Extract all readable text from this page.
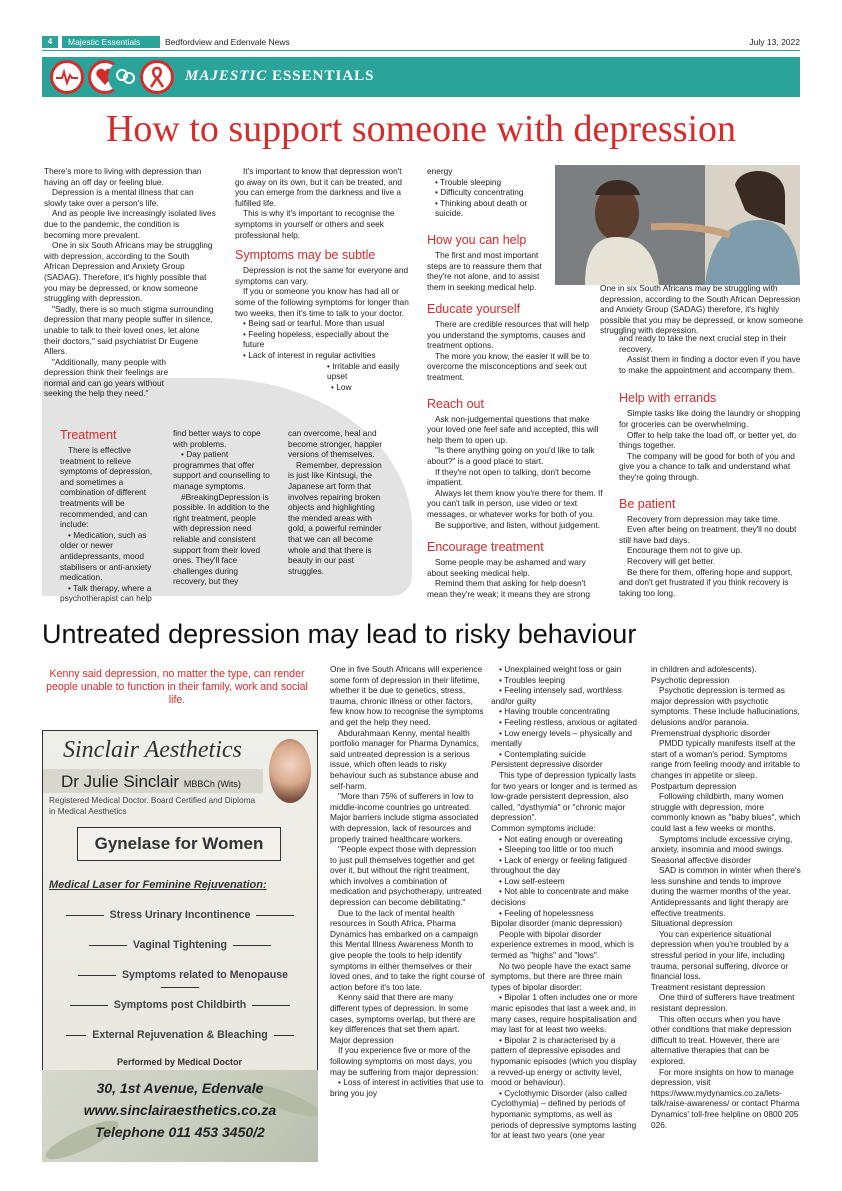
4	Majestic Essentials	Bedfordview and Edenvale News	July 13, 2022
MAJESTIC ESSENTIALS
How to support someone with depression

There's more to living with depression than having an off day or feeling blue.

Depression is a mental illness that can slowly take over a person's life.

And as people live increasingly isolated lives due to the pandemic, the condition is becoming more prevalent.

One in six South Africans may be struggling with depression, according to the South African Depression and Anxiety Group (SADAG). Therefore, it's highly possible that you may be depressed, or know someone struggling with depression.

"Sadly, there is so much stigma surrounding depression that many people suffer in silence, unable to talk to their loved ones, let alone their doctors," said psychiatrist Dr Eugene Allers.

"Additionally, many people with depression think their feelings are normal and can go years without seeking the help they need."

It's important to know that depression won't go away on its own, but it can be treated, and you can emerge from the darkness and live a fulfilled life.

This is why it's important to recognise the symptoms in yourself or others and seek professional help.

Symptoms may be subtle

Depression is not the same for everyone and symptoms can vary.

If you or someone you know has had all or some of the following symptoms for longer than two weeks, then it's time to talk to your doctor.

• Being sad or tearful. More than usual

• Feeling hopeless, especially about the future

• Lack of interest in regular activities

• Irritable and easily upset

• Low

Treatment

There is effective treatment to relieve symptoms of depression, and sometimes a combination of different treatments will be recommended, and can include:

• Medication, such as older or newer antidepressants, mood stabilisers or anti-anxiety medication.

• Talk therapy, where a psychotherapist can help

find better ways to cope with problems.

• Day patient programmes that offer support and counselling to manage symptoms.

#BreakingDepression is possible. In addition to the right treatment, people with depression need reliable and consistent support from their loved ones. They'll face challenges during recovery, but they

can overcome, heal and become stronger, happier versions of themselves.

Remember, depression is just like Kintsugi, the Japanese art form that involves repairing broken objects and highlighting the mended areas with gold, a powerful reminder that we can all become whole and that there is beauty in our past struggles.

energy

• Trouble sleeping

• Difficulty concentrating

• Thinking about death or suicide.

How you can help

The first and most important steps are to reassure them that they're not alone, and to assist them in seeking medical help.

Educate yourself

There are credible resources that will help you understand the symptoms, causes and treatment options.

The more you know, the easier it will be to overcome the misconceptions and seek out treatment.

Reach out

Ask non-judgemental questions that make your loved one feel safe and accepted, this will help them to open up.

"Is there anything going on you'd like to talk about?" is a good place to start.

If they're not open to talking, don't become impatient.

Always let them know you're there for them. If you can't talk in person, use video or text messages, or whatever works for both of you.

Be supportive, and listen, without judgement.

Encourage treatment

Some people may be ashamed and wary about seeking medical help.

Remind them that asking for help doesn't mean they're weak; it means they are strong

One in six South Africans may be struggling with depression, according to the South African Depression and Anxiety Group (SADAG) therefore, it's highly possible that you may be depressed, or know someone struggling with depression.

and ready to take the next crucial step in their recovery.

Assist them in finding a doctor even if you have to make the appointment and accompany them.

Help with errands

Simple tasks like doing the laundry or shopping for groceries can be overwhelming.

Offer to help take the load off, or better yet, do things together.

The company will be good for both of you and give you a chance to talk and understand what they're going through.

Be patient

Recovery from depression may take time.

Even after being on treatment, they'll no doubt still have bad days.

Encourage them not to give up.

Recovery will get better.

Be there for them, offering hope and support, and don't get frustrated if you think recovery is taking too long.

Untreated depression may lead to risky behaviour
Kenny said depression, no matter the type, can render people unable to function in their family, work and social life.

One in five South Africans will experience some form of depression in their lifetime, whether it be due to genetics, stress, trauma, chronic illness or other factors, few know how to recognise the symptoms and get the help they need.

Abdurahmaan Kenny, mental health portfolio manager for Pharma Dynamics, said untreated depression is a serious issue, which often leads to risky behaviour such as substance abuse and self-harm.

"More than 75% of sufferers in low to middle-income countries go untreated. Major barriers include stigma associated with depression, lack of resources and properly trained healthcare workers.

"People expect those with depression to just pull themselves together and get over it, but without the right treatment, which involves a combination of medication and psychotherapy, untreated depression can become debilitating."

Due to the lack of mental health resources in South Africa, Pharma Dynamics has embarked on a campaign this Mental Illness Awareness Month to give people the tools to help identify symptoms in either themselves or their loved ones, and to take the right course of action before it's too late.

Kenny said that there are many different types of depression. In some cases, symptoms overlap, but there are key differences that set them apart.

Major depression

If you experience five or more of the following symptoms on most days, you may be suffering from major depression:

• Loss of interest in activities that use to bring you joy

• Unexplained weight loss or gain

• Troubles leeping

• Feeling intensely sad, worthless and/or guilty

• Having trouble concentrating

• Feeling restless, anxious or agitated

• Low energy levels – physically and mentally

• Contemplating suicide

Persistent depressive disorder

This type of depression typically lasts for two years or longer and is termed as low-grade persistent depression, also called, "dysthymia" or "chronic major depression".

Common symptoms include:

• Not eating enough or overeating

• Sleeping too little or too much

• Lack of energy or feeling fatigued throughout the day

• Low self-esteem

• Not able to concentrate and make decisions

• Feeling of hopelessness

Bipolar disorder (manic depression)

People with bipolar disorder experience extremes in mood, which is termed as "highs" and "lows".

No two people have the exact same symptoms, but there are three main types of bipolar disorder:

• Bipolar 1 often includes one or more manic episodes that last a week and, in many cases, require hospitalisation and may last for at least two weeks.

• Bipolar 2 is characterised by a pattern of depressive episodes and hypomanic episodes (which you display a revved-up energy or activity level, mood or behaviour).

• Cyclothymic Disorder (also called Cyclothymia) – defined by periods of hypomanic symptoms, as well as periods of depressive symptoms lasting for at least two years (one year

in children and adolescents).

Psychotic depression

Psychotic depression is termed as major depression with psychotic symptoms. These include hallucinations, delusions and/or paranoia.

Premenstrual dysphoric disorder

PMDD typically manifests itself at the start of a woman's period. Symptoms range from feeling moody and irritable to changes in appetite or sleep.

Postpartum depression

Following childbirth, many women struggle with depression, more commonly known as "baby blues", which could last a few weeks or months.

Symptoms include excessive crying, anxiety, insomnia and mood swings.

Seasonal affective disorder

SAD is common in winter when there's less sunshine and tends to improve during the warmer months of the year. Antidepressants and light therapy are effective treatments.

Situational depression

You can experience situational depression when you're troubled by a stressful period in your life, including trauma, personal suffering, divorce or financial loss.

Treatment resistant depression

One third of sufferers have treatment resistant depression.

This often occurs when you have other conditions that make depression difficult to treat. However, there are alternative therapies that can be explored.

For more insights on how to manage depression, visit https://www.mydynamics.co.za/lets-talk/raise-awareness/ or contact Pharma Dynamics' toll-free helpline on 0800 205 026.

Sinclair Aesthetics
Dr Julie Sinclair MBBCh (Wits)
Registered Medical Doctor. Board Certified and Diploma in Medical Aesthetics
Gynelase for Women
Medical Laser for Feminine Rejuvenation:
Stress Urinary Incontinence
Vaginal Tightening
Symptoms related to Menopause
Symptoms post Childbirth
External Rejuvenation & Bleaching
Performed by Medical Doctor
30, 1st Avenue, Edenvale
www.sinclairaesthetics.co.za
Telephone 011 453 3450/2
